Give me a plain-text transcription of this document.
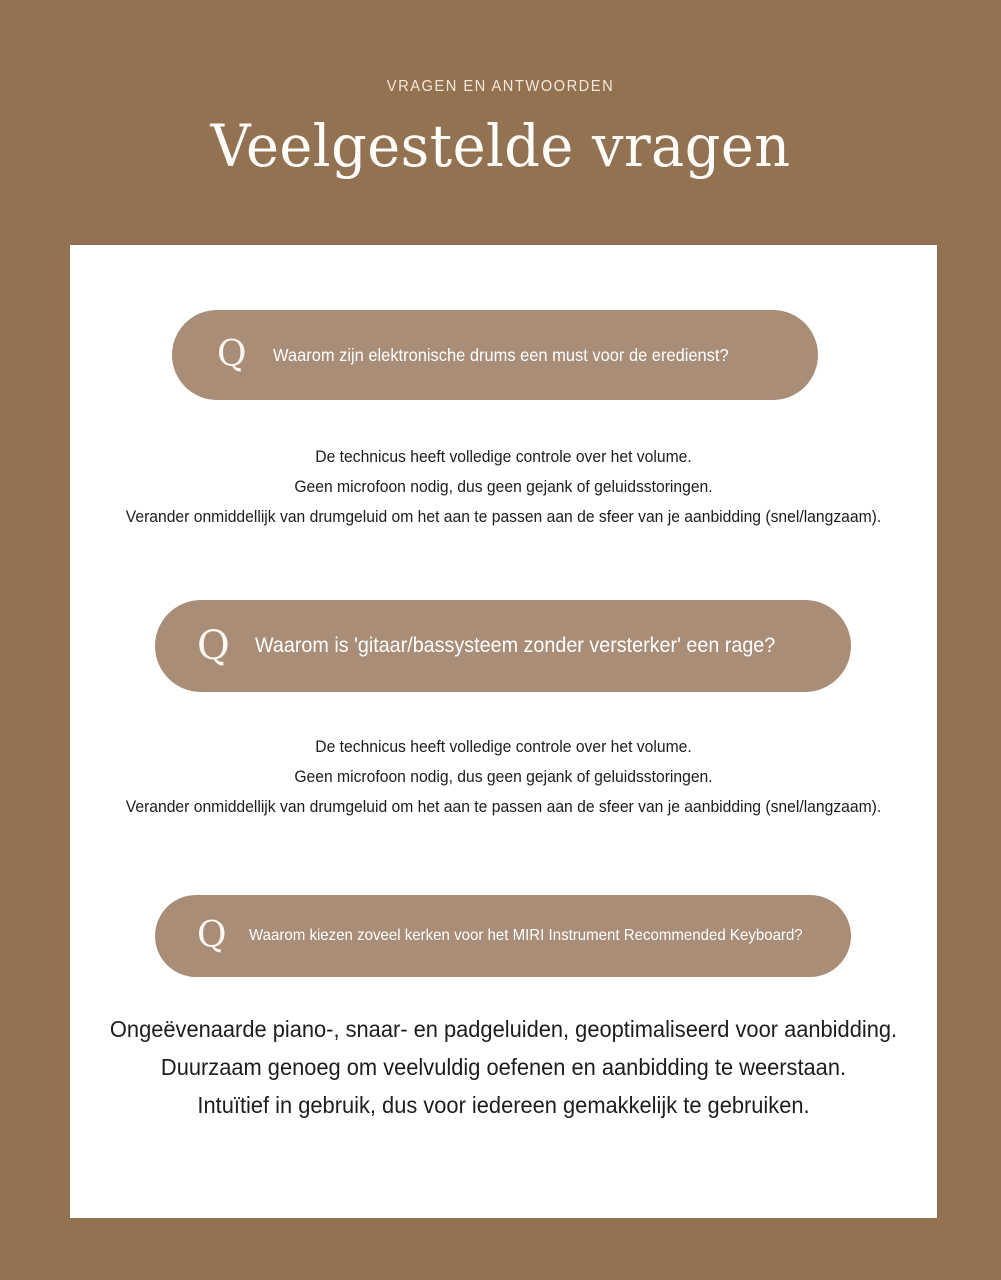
VRAGEN EN ANTWOORDEN
Veelgestelde vragen
Q Waarom zijn elektronische drums een must voor de eredienst?

De technicus heeft volledige controle over het volume.

Geen microfoon nodig, dus geen gejank of geluidsstoringen.

Verander onmiddellijk van drumgeluid om het aan te passen aan de sfeer van je aanbidding (snel/langzaam).

Q Waarom is 'gitaar/bassysteem zonder versterker' een rage?

De technicus heeft volledige controle over het volume.

Geen microfoon nodig, dus geen gejank of geluidsstoringen.

Verander onmiddellijk van drumgeluid om het aan te passen aan de sfeer van je aanbidding (snel/langzaam).

Q Waarom kiezen zoveel kerken voor het MIRI Instrument Recommended Keyboard?

Ongeëvenaarde piano-, snaar- en padgeluiden, geoptimaliseerd voor aanbidding.

Duurzaam genoeg om veelvuldig oefenen en aanbidding te weerstaan.

Intuïtief in gebruik, dus voor iedereen gemakkelijk te gebruiken.
